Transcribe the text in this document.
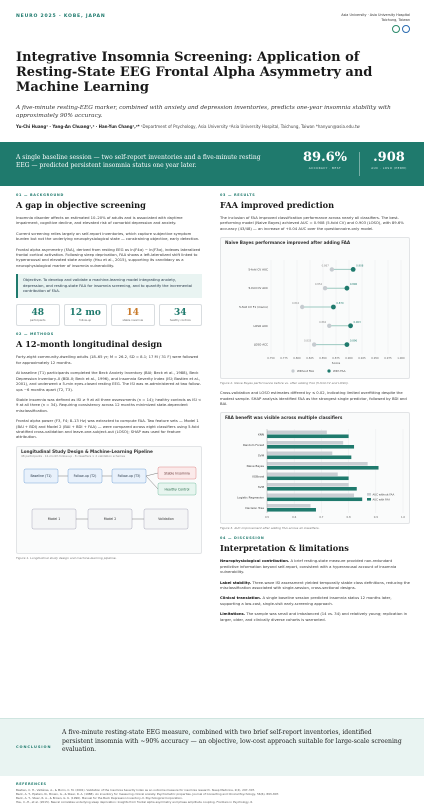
NEURO 2025 · KOBE, JAPAN	Asia University · Asia University Hospital
Taichung, Taiwan
Integrative Insomnia Screening: Application of Resting-State EEG Frontal Alpha Asymmetry and Machine Learning
A five-minute resting-EEG marker, combined with anxiety and depression inventories, predicts one-year insomnia stability with approximately 90% accuracy.
Yu-Chi Huang¹ · Yang-An Chuang¹,² · Han-Yun Chang¹,²* ¹Department of Psychology, Asia University ²Asia University Hospital, Taichung, Taiwan *hanyun@asia.edu.tw
A single baseline session — two self-report inventories and a five-minute resting EEG — predicted persistent insomnia status one year later.
89.6%
ACCURACY · BEST
.908
AUC · LOSO (PERM)
01 — BACKGROUND
A gap in objective screening
Insomnia disorder affects an estimated 10–20% of adults and is associated with daytime impairment, cognitive decline, and elevated risk of comorbid depression and anxiety.
Current screening relies largely on self-report inventories, which capture subjective symptom burden but not the underlying neurophysiological state — constraining objective, early detection.
Frontal alpha asymmetry (FAA), derived from resting EEG as ln(F4α) − ln(F3α), indexes lateralized frontal cortical activation. Following sleep deprivation, FAA shows a left-lateralized shift linked to hyperarousal and elevated state anxiety (Hsu et al., 2015), supporting its candidacy as a neurophysiological marker of insomnia vulnerability.
Objective. To develop and validate a machine-learning model integrating anxiety, depression, and resting-state FAA for insomnia screening, and to quantify the incremental contribution of FAA.
48
participants
12 mo
follow-up
14
stable insomnia
34
healthy controls
02 — METHODS
A 12-month longitudinal design
Forty-eight community-dwelling adults (18–65 yr; M = 26.2, SD = 8.1; 17 M / 31 F) were followed for approximately 12 months.
At baseline (T1) participants completed the Beck Anxiety Inventory (BAI; Beck et al., 1988), Beck Depression Inventory–II (BDI-II; Beck et al., 1996), and Insomnia Severity Index (ISI; Bastien et al., 2001), and underwent a 5-min eyes-closed resting EEG. The ISI was re-administered at two follow-ups ~6 months apart (T2, T3).
Stable insomnia was defined as ISI ≥ 9 at all three assessments (n = 14); healthy controls as ISI < 9 at all three (n = 34). Requiring consistency across 12 months minimized state-dependent misclassification.
Frontal alpha power (F3, F4; 8–13 Hz) was extracted to compute FAA. Two feature sets — Model 1 (BAI + BDI) and Model 2 (BAI + BDI + FAA) — were compared across eight classifiers using 5-fold stratified cross-validation and leave-one-subject-out (LOSO); SHAP was used for feature attribution.
Longitudinal Study Design & Machine-Learning Pipeline
48 participants · 12-month follow-up · 8 classifiers × 2 validation schemes
Baseline (T1)	Follow-up (T2)	Follow-up (T3)
Stable Insomnia
Healthy Control
Model 1	Model 2	Validation
Figure 1. Longitudinal study design and machine-learning pipeline.
03 — RESULTS
FAA improved prediction
The inclusion of FAA improved classification performance across nearly all classifiers. The best-performing model (Naive Bayes) achieved AUC = 0.908 (5-fold CV) and 0.903 (LOSO), with 89.6% accuracy (43/48) — an increase of +0.04 AUC over the questionnaire-only model.
Naive Bayes performance improved after adding FAA
0.750 0.775 0.800 0.825 0.850 0.875 0.900 0.925 0.950 0.975 1.000
Score
5-fold CV AUC
0.867	0.908
5-fold CV ACC
0.854	0.896
5-fold CV F1 (macro)
0.810	0.870
LOSO AUC
0.862	0.903
LOSO ACC
0.833	0.896
Without FAA	With FAA
Figure 2. Naive Bayes performance before vs. after adding FAA (5-fold CV and LOSO).
Cross-validation and LOSO estimates differed by ≤ 0.02, indicating limited overfitting despite the modest sample. SHAP analysis identified FAA as the strongest single predictor, followed by BDI and BAI.
FAA benefit was visible across multiple classifiers
0.5	0.6	0.7	0.8	0.9	1.0
KNN
Random Forest
SVM
Naive Bayes
XGBoost
SVM
Logistic Regression
Decision Tree
AUC without FAA
AUC with FAA
Figure 3. AUC improvement after adding FAA across all classifiers.
04 — DISCUSSION
Interpretation & limitations
Neurophysiological contribution. A brief resting-state measure provided non-redundant predictive information beyond self-report, consistent with a hyperarousal account of insomnia vulnerability.
Label stability. Three-wave ISI assessment yielded temporally stable class definitions, reducing the misclassification associated with single-session, cross-sectional designs.
Clinical translation. A single baseline session predicted insomnia status 12 months later, supporting a low-cost, single-visit early-screening approach.
Limitations. The sample was small and imbalanced (14 vs. 34) and relatively young; replication in larger, older, and clinically diverse cohorts is warranted.
CONCLUSION
A five-minute resting-state EEG measure, combined with two brief self-report inventories, identified persistent insomnia with ~90% accuracy — an objective, low-cost approach suitable for large-scale screening evaluation.
REFERENCES
Bastien, C. H., Vallières, A., & Morin, C. M. (2001). Validation of the Insomnia Severity Index as an outcome measure for insomnia research. Sleep Medicine, 2(4), 297–307.
Beck, A. T., Epstein, N., Brown, G., & Steer, R. A. (1988). An inventory for measuring clinical anxiety. Psychometric properties. Journal of Consulting and Clinical Psychology, 56(6), 893–897.
Beck, A. T., Steer, R. A., & Brown, G. K. (1996). Manual for the Beck Depression Inventory–II. Psychological Corporation.
Hsu, C.-H., et al. (2015). Neural correlates underlying sleep deprivation: Insights from frontal alpha asymmetry and phase amplitude coupling. Frontiers in Psychology, 6.
